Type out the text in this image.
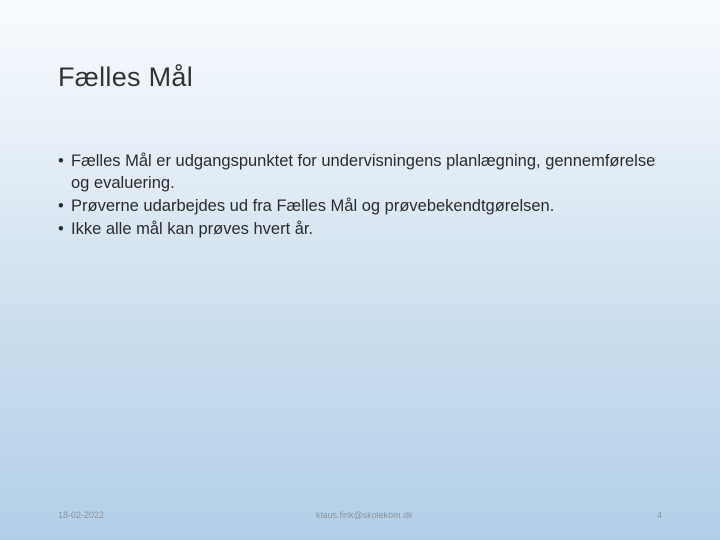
Fælles Mål
• Fælles Mål er udgangspunktet for undervisningens planlægning, gennemførelse og evaluering.
• Prøverne udarbejdes ud fra Fælles Mål og prøvebekendtgørelsen.
• Ikke alle mål kan prøves hvert år.
18-02-2022	klaus.fink@skolekom.dk	4
